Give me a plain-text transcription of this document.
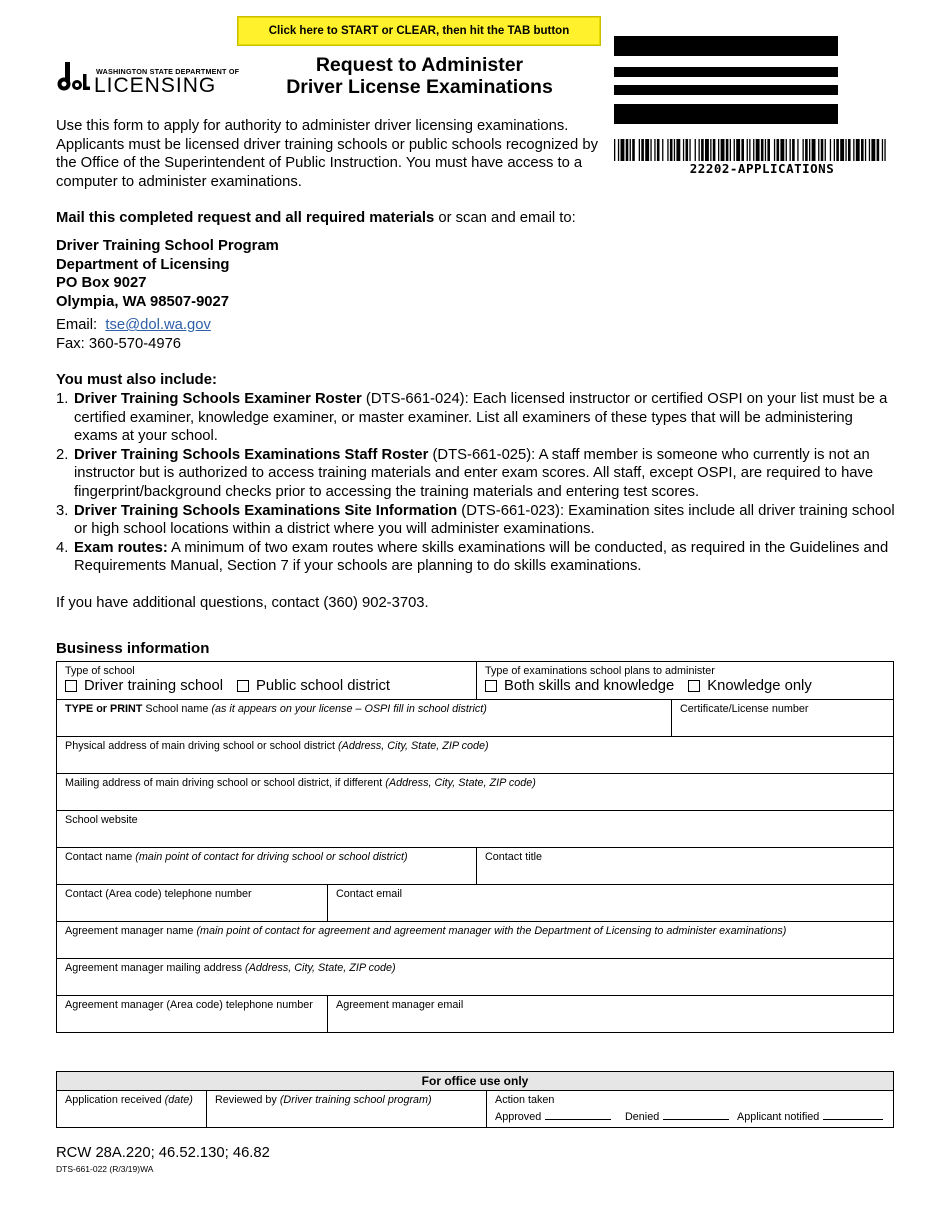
Click here to START or CLEAR, then hit the TAB button
WASHINGTON STATE DEPARTMENT OF
LICENSING
Request to Administer
Driver License Examinations
22202-APPLICATIONS
Use this form to apply for authority to administer driver licensing examinations. Applicants must be licensed driver training schools or public schools recognized by the Office of the Superintendent of Public Instruction. You must have access to a computer to administer examinations.
Mail this completed request and all required materials or scan and email to:
Driver Training School Program
Department of Licensing
PO Box 9027
Olympia, WA 98507-9027
Email: tse@dol.wa.gov
Fax: 360-570-4976
You must also include:
1. Driver Training Schools Examiner Roster (DTS-661-024): Each licensed instructor or certified OSPI on your list must be a certified examiner, knowledge examiner, or master examiner. List all examiners of these types that will be administering exams at your school.
2. Driver Training Schools Examinations Staff Roster (DTS-661-025): A staff member is someone who currently is not an instructor but is authorized to access training materials and enter exam scores. All staff, except OSPI, are required to have fingerprint/background checks prior to accessing the training materials and entering test scores.
3. Driver Training Schools Examinations Site Information (DTS-661-023): Examination sites include all driver training school or high school locations within a district where you will administer examinations.
4. Exam routes: A minimum of two exam routes where skills examinations will be conducted, as required in the Guidelines and Requirements Manual, Section 7 if your schools are planning to do skills examinations.
If you have additional questions, contact (360) 902-3703.
Business information
Type of school
Driver training school Public school district
Type of examinations school plans to administer
Both skills and knowledge Knowledge only
TYPE or PRINT School name (as it appears on your license – OSPI fill in school district)	Certificate/License number
Physical address of main driving school or school district (Address, City, State, ZIP code)
Mailing address of main driving school or school district, if different (Address, City, State, ZIP code)
School website
Contact name (main point of contact for driving school or school district)	Contact title
Contact (Area code) telephone number	Contact email
Agreement manager name (main point of contact for agreement and agreement manager with the Department of Licensing to administer examinations)
Agreement manager mailing address (Address, City, State, ZIP code)
Agreement manager (Area code) telephone number	Agreement manager email
For office use only
Application received (date)	Reviewed by (Driver training school program)	Action taken
Approved	Denied	Applicant notified
RCW 28A.220; 46.52.130; 46.82
DTS-661-022 (R/3/19)WA
